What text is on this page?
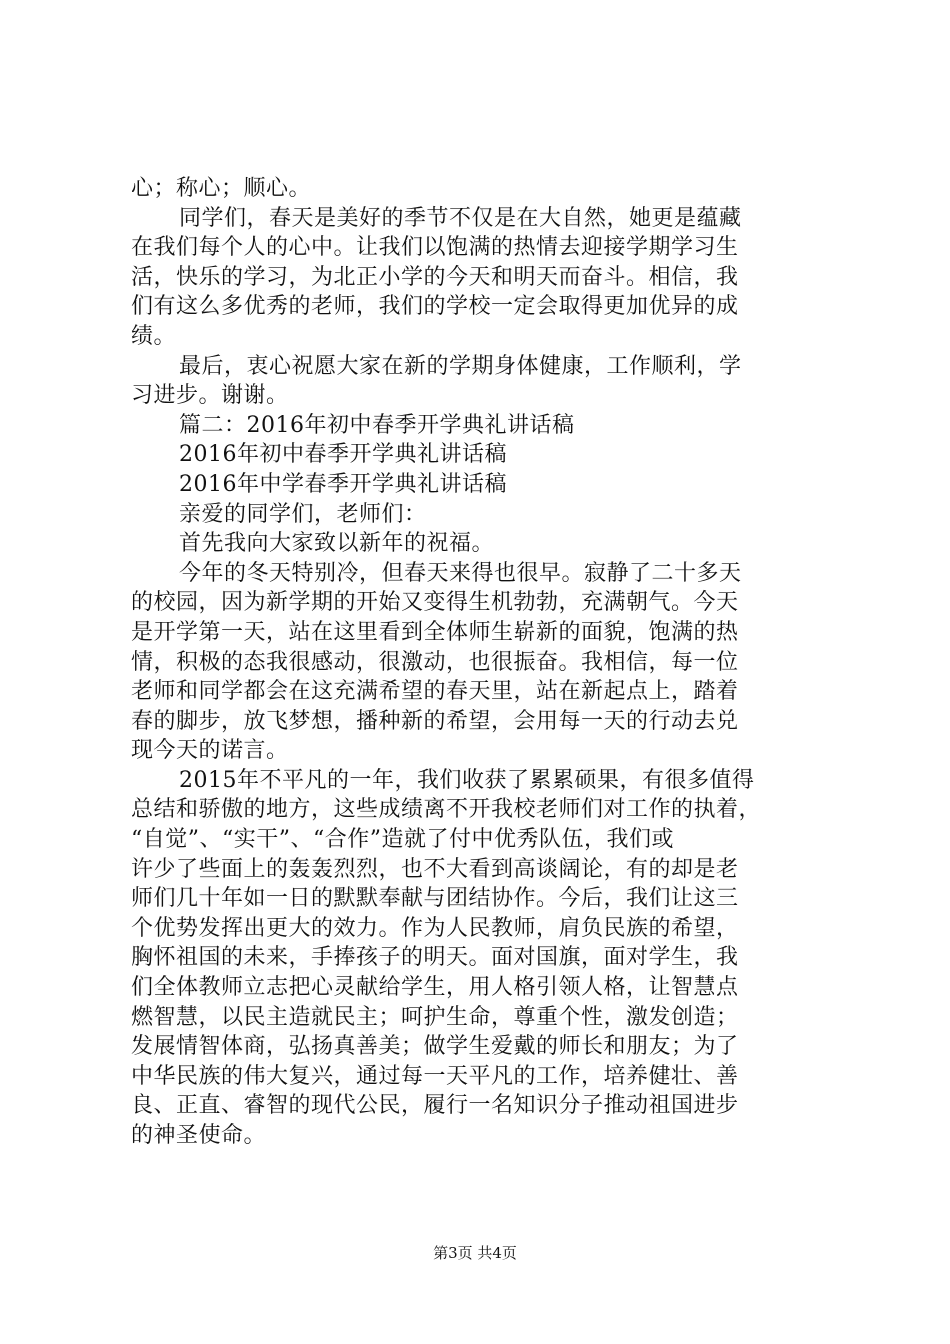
心；称心；顺心。
同学们，春天是美好的季节不仅是在大自然，她更是蕴藏
在我们每个人的心中。让我们以饱满的热情去迎接学期学习生
活，快乐的学习，为北正小学的今天和明天而奋斗。相信，我
们有这么多优秀的老师，我们的学校一定会取得更加优异的成
绩。
最后，衷心祝愿大家在新的学期身体健康，工作顺利，学
习进步。谢谢。
篇二：2016年初中春季开学典礼讲话稿
2016年初中春季开学典礼讲话稿
2016年中学春季开学典礼讲话稿
亲爱的同学们，老师们：
首先我向大家致以新年的祝福。
今年的冬天特别冷，但春天来得也很早。寂静了二十多天
的校园，因为新学期的开始又变得生机勃勃，充满朝气。今天
是开学第一天，站在这里看到全体师生崭新的面貌，饱满的热
情，积极的态我很感动，很激动，也很振奋。我相信，每一位
老师和同学都会在这充满希望的春天里，站在新起点上，踏着
春的脚步，放飞梦想，播种新的希望，会用每一天的行动去兑
现今天的诺言。
2015年不平凡的一年，我们收获了累累硕果，有很多值得
总结和骄傲的地方，这些成绩离不开我校老师们对工作的执着，
“自觉”、“实干”、“合作”造就了付中优秀队伍，我们或
许少了些面上的轰轰烈烈，也不大看到高谈阔论，有的却是老
师们几十年如一日的默默奉献与团结协作。今后，我们让这三
个优势发挥出更大的效力。作为人民教师，肩负民族的希望，
胸怀祖国的未来，手捧孩子的明天。面对国旗，面对学生，我
们全体教师立志把心灵献给学生，用人格引领人格，让智慧点
燃智慧，以民主造就民主；呵护生命，尊重个性，激发创造；
发展情智体商，弘扬真善美；做学生爱戴的师长和朋友；为了
中华民族的伟大复兴，通过每一天平凡的工作，培养健壮、善
良、正直、睿智的现代公民，履行一名知识分子推动祖国进步
的神圣使命。
第3页 共4页
